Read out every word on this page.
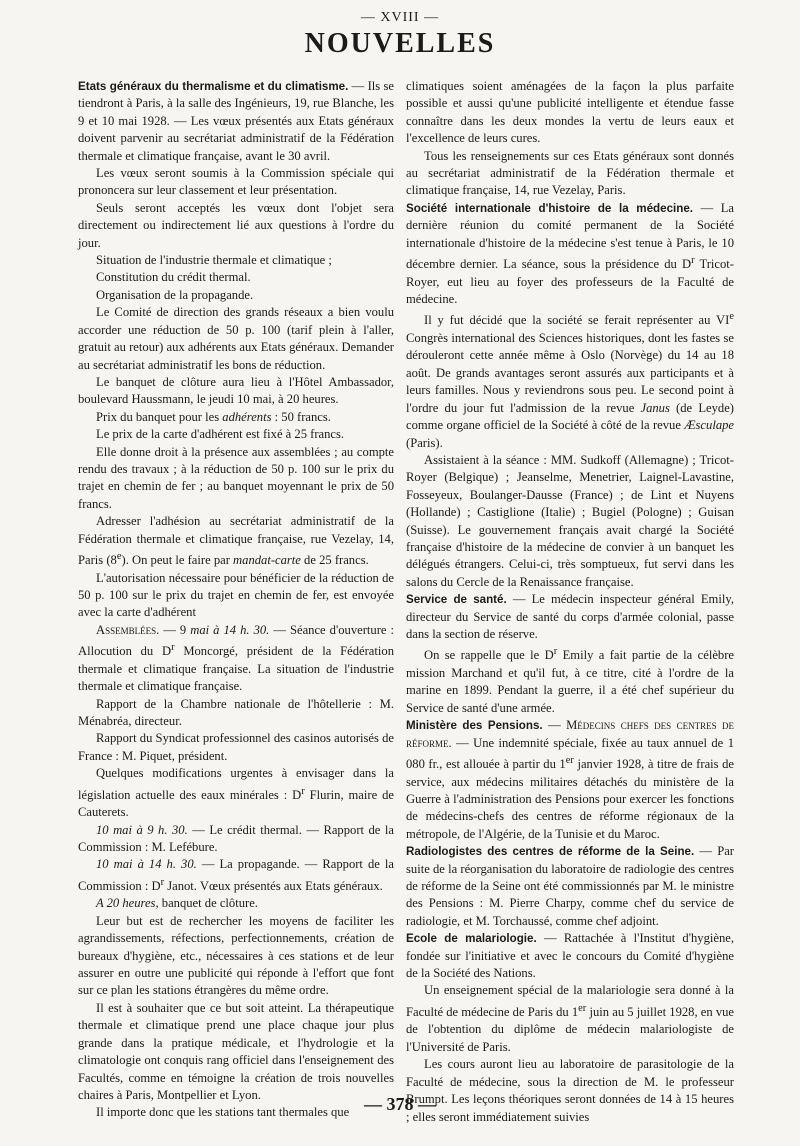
— XVIII —
NOUVELLES

Etats généraux du thermalisme et du climatisme. — Ils se tiendront à Paris, à la salle des Ingénieurs, 19, rue Blanche, les 9 et 10 mai 1928. — Les vœux présentés aux Etats généraux doivent parvenir au secrétariat administratif de la Fédération thermale et climatique française, avant le 30 avril.

Les vœux seront soumis à la Commission spéciale qui prononcera sur leur classement et leur présentation.

Seuls seront acceptés les vœux dont l'objet sera directement ou indirectement lié aux questions à l'ordre du jour.

Situation de l'industrie thermale et climatique ;

Constitution du crédit thermal.

Organisation de la propagande.

Le Comité de direction des grands réseaux a bien voulu accorder une réduction de 50 p. 100 (tarif plein à l'aller, gratuit au retour) aux adhérents aux Etats généraux. Demander au secrétariat administratif les bons de réduction.

Le banquet de clôture aura lieu à l'Hôtel Ambassador, boulevard Haussmann, le jeudi 10 mai, à 20 heures.

Prix du banquet pour les adhérents : 50 francs.

Le prix de la carte d'adhérent est fixé à 25 francs.

Elle donne droit à la présence aux assemblées ; au compte rendu des travaux ; à la réduction de 50 p. 100 sur le prix du trajet en chemin de fer ; au banquet moyennant le prix de 50 francs.

Adresser l'adhésion au secrétariat administratif de la Fédération thermale et climatique française, rue Vezelay, 14, Paris (8e). On peut le faire par mandat-carte de 25 francs.

L'autorisation nécessaire pour bénéficier de la réduction de 50 p. 100 sur le prix du trajet en chemin de fer, est envoyée avec la carte d'adhérent

Assemblées. — 9 mai à 14 h. 30. — Séance d'ouverture : Allocution du $D^r$ Moncorgé, président de la Fédération thermale et climatique française. La situation de l'industrie thermale et climatique française.

Rapport de la Chambre nationale de l'hôtellerie : M. Ménabréa, directeur.

Rapport du Syndicat professionnel des casinos autorisés de France : M. Piquet, président.

Quelques modifications urgentes à envisager dans la législation actuelle des eaux minérales : $D^r$ Flurin, maire de Cauterets.

10 mai à 9 h. 30. — Le crédit thermal. — Rapport de la Commission : M. Lefébure.

10 mai à 14 h. 30. — La propagande. — Rapport de la Commission : $D^r$ Janot. Vœux présentés aux Etats généraux.

A 20 heures, banquet de clôture.

Leur but est de rechercher les moyens de faciliter les agrandissements, réfections, perfectionnements, création de bureaux d'hygiène, etc., nécessaires à ces stations et de leur assurer en outre une publicité qui réponde à l'effort que font sur ce plan les stations étrangères du même ordre.

Il est à souhaiter que ce but soit atteint. La thérapeutique thermale et climatique prend une place chaque jour plus grande dans la pratique médicale, et l'hydrologie et la climatologie ont conquis rang officiel dans l'enseignement des Facultés, comme en témoigne la création de trois nouvelles chaires à Paris, Montpellier et Lyon.

Il importe donc que les stations tant thermales que

climatiques soient aménagées de la façon la plus parfaite possible et aussi qu'une publicité intelligente et étendue fasse connaître dans les deux mondes la vertu de leurs eaux et l'excellence de leurs cures.

Tous les renseignements sur ces Etats généraux sont donnés au secrétariat administratif de la Fédération thermale et climatique française, 14, rue Vezelay, Paris.

Société internationale d'histoire de la médecine. — La dernière réunion du comité permanent de la Société internationale d'histoire de la médecine s'est tenue à Paris, le 10 décembre dernier. La séance, sous la présidence du $D^r$ Tricot-Royer, eut lieu au foyer des professeurs de la Faculté de médecine.

Il y fut décidé que la société se ferait représenter au VIe Congrès international des Sciences historiques, dont les fastes se dérouleront cette année même à Oslo (Norvège) du 14 au 18 août. De grands avantages seront assurés aux participants et à leurs familles. Nous y reviendrons sous peu. Le second point à l'ordre du jour fut l'admission de la revue Janus (de Leyde) comme organe officiel de la Société à côté de la revue Æsculape (Paris).

Assistaient à la séance : MM. Sudkoff (Allemagne) ; Tricot-Royer (Belgique) ; Jeanselme, Menetrier, Laignel-Lavastine, Fosseyeux, Boulanger-Dausse (France) ; de Lint et Nuyens (Hollande) ; Castiglione (Italie) ; Bugiel (Pologne) ; Guisan (Suisse). Le gouvernement français avait chargé la Société française d'histoire de la médecine de convier à un banquet les délégués étrangers. Celui-ci, très somptueux, fut servi dans les salons du Cercle de la Renaissance française.

Service de santé. — Le médecin inspecteur général Emily, directeur du Service de santé du corps d'armée colonial, passe dans la section de réserve.

On se rappelle que le $D^r$ Emily a fait partie de la célèbre mission Marchand et qu'il fut, à ce titre, cité à l'ordre de la marine en 1899. Pendant la guerre, il a été chef supérieur du Service de santé d'une armée.

Ministère des Pensions. — Médecins chefs des centres de réforme. — Une indemnité spéciale, fixée au taux annuel de 1 080 fr., est allouée à partir du 1er janvier 1928, à titre de frais de service, aux médecins militaires détachés du ministère de la Guerre à l'administration des Pensions pour exercer les fonctions de médecins-chefs des centres de réforme régionaux de la métropole, de l'Algérie, de la Tunisie et du Maroc.

Radiologistes des centres de réforme de la Seine. — Par suite de la réorganisation du laboratoire de radiologie des centres de réforme de la Seine ont été commissionnés par M. le ministre des Pensions : M. Pierre Charpy, comme chef du service de radiologie, et M. Torchaussé, comme chef adjoint.

Ecole de malariologie. — Rattachée à l'Institut d'hygiène, fondée sur l'initiative et avec le concours du Comité d'hygiène de la Société des Nations.

Un enseignement spécial de la malariologie sera donné à la Faculté de médecine de Paris du 1er juin au 5 juillet 1928, en vue de l'obtention du diplôme de médecin malariologiste de l'Université de Paris.

Les cours auront lieu au laboratoire de parasitologie de la Faculté de médecine, sous la direction de M. le professeur Brumpt. Les leçons théoriques seront données de 14 à 15 heures ; elles seront immédiatement suivies

— 378 —
